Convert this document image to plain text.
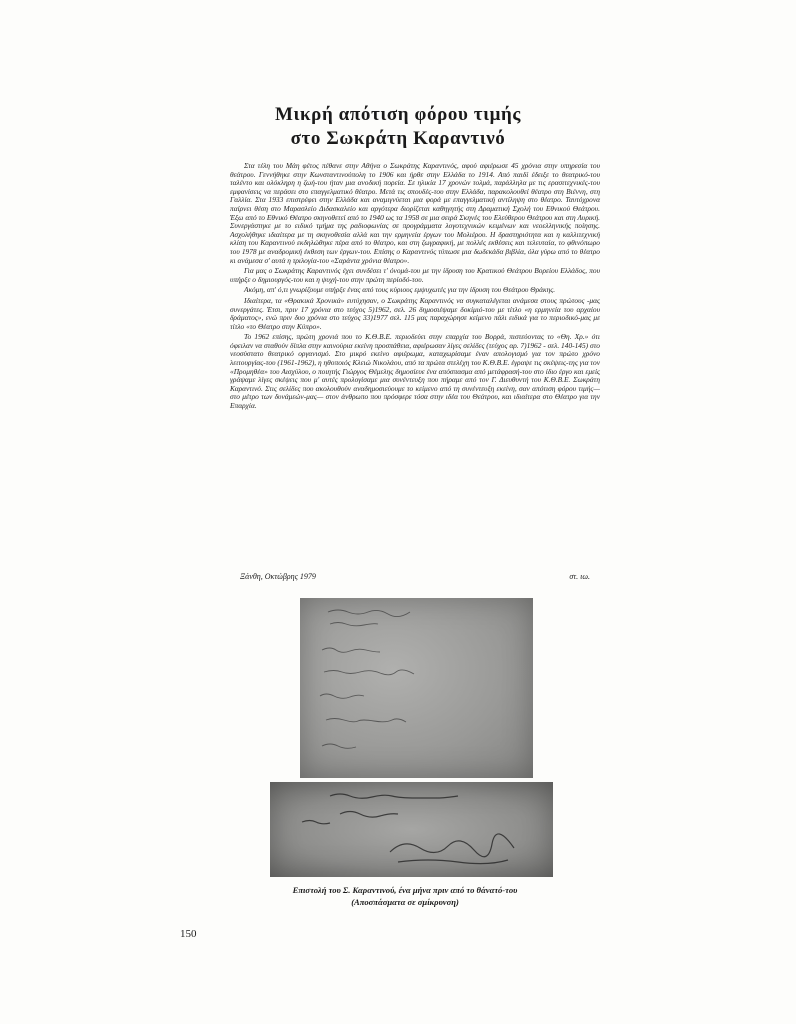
Μικρή απότιση φόρου τιμής
στο Σωκράτη Καραντινό

Στα τέλη του Μάη φέτος πέθανε στην Αθήνα ο Σωκράτης Καραντινός, αφού αφιέρωσε 45 χρόνια στην υπηρεσία του θεάτρου. Γεννήθηκε στην Κωνσταντινούπολη το 1906 και ήρθε στην Ελλάδα το 1914. Από παιδί έδειξε το θεατρικό-του ταλέντο και ολόκληρη η ζωή-του ήταν μια ανοδική πορεία. Σε ηλικία 17 χρονών τολμά, παράλληλα με τις ερασιτεχνικές-του εμφανίσεις να περάσει στο επαγγελματικό θέατρο. Μετά τις σπουδές-του στην Ελλάδα, παρακολουθεί θέατρο στη Βιέννη, στη Γαλλία. Στα 1933 επιστρέφει στην Ελλάδα και αναμιγνύεται μια φορά με επαγγελματική αντίληψη στο θέατρο. Ταυτόχρονα παίρνει θέση στο Μαρασλείο Διδασκαλείο και αργότερα διορίζεται καθηγητής στη Δραματική Σχολή του Εθνικού Θεάτρου. Έξω από το Εθνικό Θέατρο σκηνοθετεί από το 1940 ως τα 1958 σε μια σειρά Σκηνές του Ελεύθερου Θεάτρου και στη Λυρική. Συνεργάστηκε με το ειδικό τμήμα της ραδιοφωνίας σε προγράμματα λογοτεχνικών κειμένων και νεοελληνικής ποίησης. Ασχολήθηκε ιδιαίτερα με τη σκηνοθεσία αλλά και την ερμηνεία έργων του Μολιέρου. Η δραστηριότητα και η καλλιτεχνική κλίση του Καραντινού εκδηλώθηκε πέρα από το θέατρο, και στη ζωγραφική, με πολλές εκθέσεις και τελευταία, το φθινόπωρο του 1978 με αναδρομική έκθεση των έργων-του. Επίσης ο Καραντινός τύπωσε μια δωδεκάδα βιβλία, όλα γύρω από το θέατρο κι ανάμεσα σ' αυτά η τριλογία-του «Σαράντα χρόνια θέατρο».

Για μας ο Σωκράτης Καραντινός έχει συνδέσει τ' όνομά-του με την ίδρυση του Κρατικού Θεάτρου Βορείου Ελλάδος, που υπήρξε ο δημιουργός-του και η ψυχή-του στην πρώτη περίοδό-του.

Ακόμη, απ' ό,τι γνωρίζουμε υπήρξε ένας από τους κύριους εμψυχωτές για την ίδρυση του Θεάτρου Θράκης.

Ιδιαίτερα, τα «Θρακικά Χρονικά» ευτύχησαν, ο Σωκράτης Καραντινός να συγκαταλέγεται ανάμεσα στους πρώτους -μας συνεργάτες. Έτσι, πριν 17 χρόνια στο τεύχος 5)1962, σελ. 26 δημοσιέψαμε δοκίμιό-του με τίτλο «η ερμηνεία του αρχαίου δράματος», ενώ πριν δυο χρόνια στο τεύχος 33)1977 σελ. 115 μας παραχώρησε κείμενο πάλι ειδικά για το περιοδικό-μας με τίτλο «το Θέατρο στην Κύπρο».

Το 1962 επίσης, πρώτη χρονιά που το Κ.Θ.Β.Ε. περιοδεύει στην επαρχία του Βορρά, πιστεύοντας το «Θη. Χρ.» ότι όφειλαν να σταθούν δίπλα στην καινούρια εκείνη προσπάθεια, αφιέρωσαν λίγες σελίδες (τεύχος αρ. 7)1962 - σελ. 140-145) στο νεοσύστατο θεατρικό οργανισμό. Στο μικρό εκείνο αφιέρωμα, καταχωρίσαμε έναν απολογισμό για τον πρώτο χρόνο λειτουργίας-του (1961-1962), η ηθοποιός Κλειώ Νικολάου, από τα πρώτα στελέχη του Κ.Θ.Β.Ε. έγραψε τις σκέψεις-της για τον «Προμηθέα» του Αισχύλου, ο ποιητής Γιώργος Θέμελης δημοσίευε ένα απόσπασμα από μετάφρασή-του στο ίδιο έργο και εμείς γράψαμε λίγες σκέψεις που μ' αυτές προλογίσαμε μια συνέντευξη που πήραμε από τον Γ. Διευθυντή του Κ.Θ.Β.Ε. Σωκράτη Καραντινό. Στις σελίδες που ακολουθούν αναδημοσιεύουμε το κείμενο από τη συνέντευξη εκείνη, σαν απότιση φόρου τιμής—στο μέτρο των δυνάμεών-μας— στον άνθρωπο που πρόσφερε τόσα στην ιδέα του Θεάτρου, και ιδιαίτερα στο Θέατρο για την Επαρχία.

Ξάνθη, Οκτώβρης 1979	στ. ιω.
Επιστολή του Σ. Καραντινού, ένα μήνα πριν από το θάνατό-του
(Αποσπάσματα σε σμίκρυνση)
150
